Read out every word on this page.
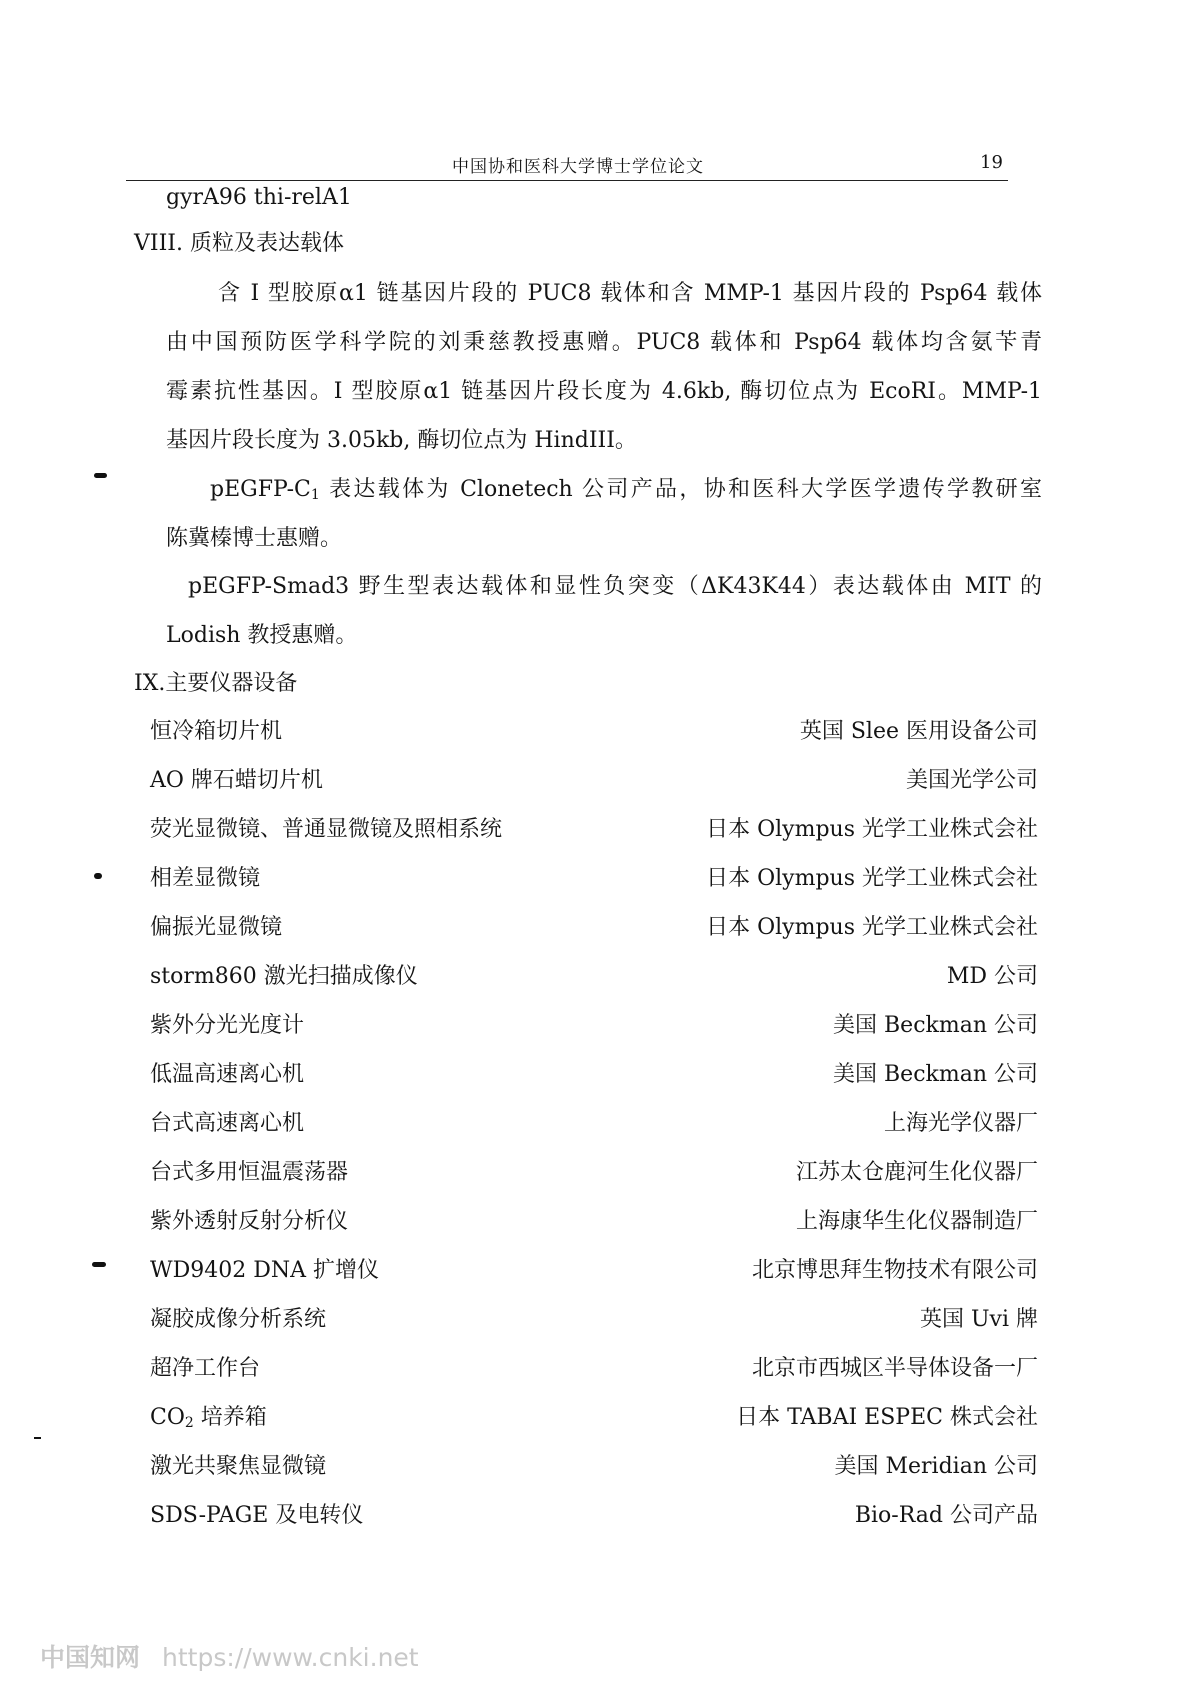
中国协和医科大学博士学位论文	19
gyrA96 thi-relA1
VIII. 质粒及表达载体
含 I 型胶原α1 链基因片段的 PUC8 载体和含 MMP-1 基因片段的 Psp64 载体
由中国预防医学科学院的刘秉慈教授惠赠。PUC8 载体和 Psp64 载体均含氨苄青
霉素抗性基因。I 型胶原α1 链基因片段长度为 4.6kb, 酶切位点为 EcoRI。MMP-1
基因片段长度为 3.05kb, 酶切位点为 HindIII。
pEGFP-$C_1$ 表达载体为 Clonetech 公司产品，协和医科大学医学遗传学教研室
陈冀榛博士惠赠。
pEGFP-Smad3 野生型表达载体和显性负突变（ΔK43K44）表达载体由 MIT 的
Lodish 教授惠赠。
IX.主要仪器设备
恒冷箱切片机	英国 Slee 医用设备公司
AO 牌石蜡切片机	美国光学公司
荧光显微镜、普通显微镜及照相系统	日本 Olympus 光学工业株式会社
相差显微镜	日本 Olympus 光学工业株式会社
偏振光显微镜	日本 Olympus 光学工业株式会社
storm860 激光扫描成像仪	MD 公司
紫外分光光度计	美国 Beckman 公司
低温高速离心机	美国 Beckman 公司
台式高速离心机	上海光学仪器厂
台式多用恒温震荡器	江苏太仓鹿河生化仪器厂
紫外透射反射分析仪	上海康华生化仪器制造厂
WD9402 DNA 扩增仪	北京博思拜生物技术有限公司
凝胶成像分析系统	英国 Uvi 牌
超净工作台	北京市西城区半导体设备一厂
$CO_2$ 培养箱	日本 TABAI ESPEC 株式会社
激光共聚焦显微镜	美国 Meridian 公司
SDS-PAGE 及电转仪	Bio-Rad 公司产品
中国知网 https://www.cnki.net
